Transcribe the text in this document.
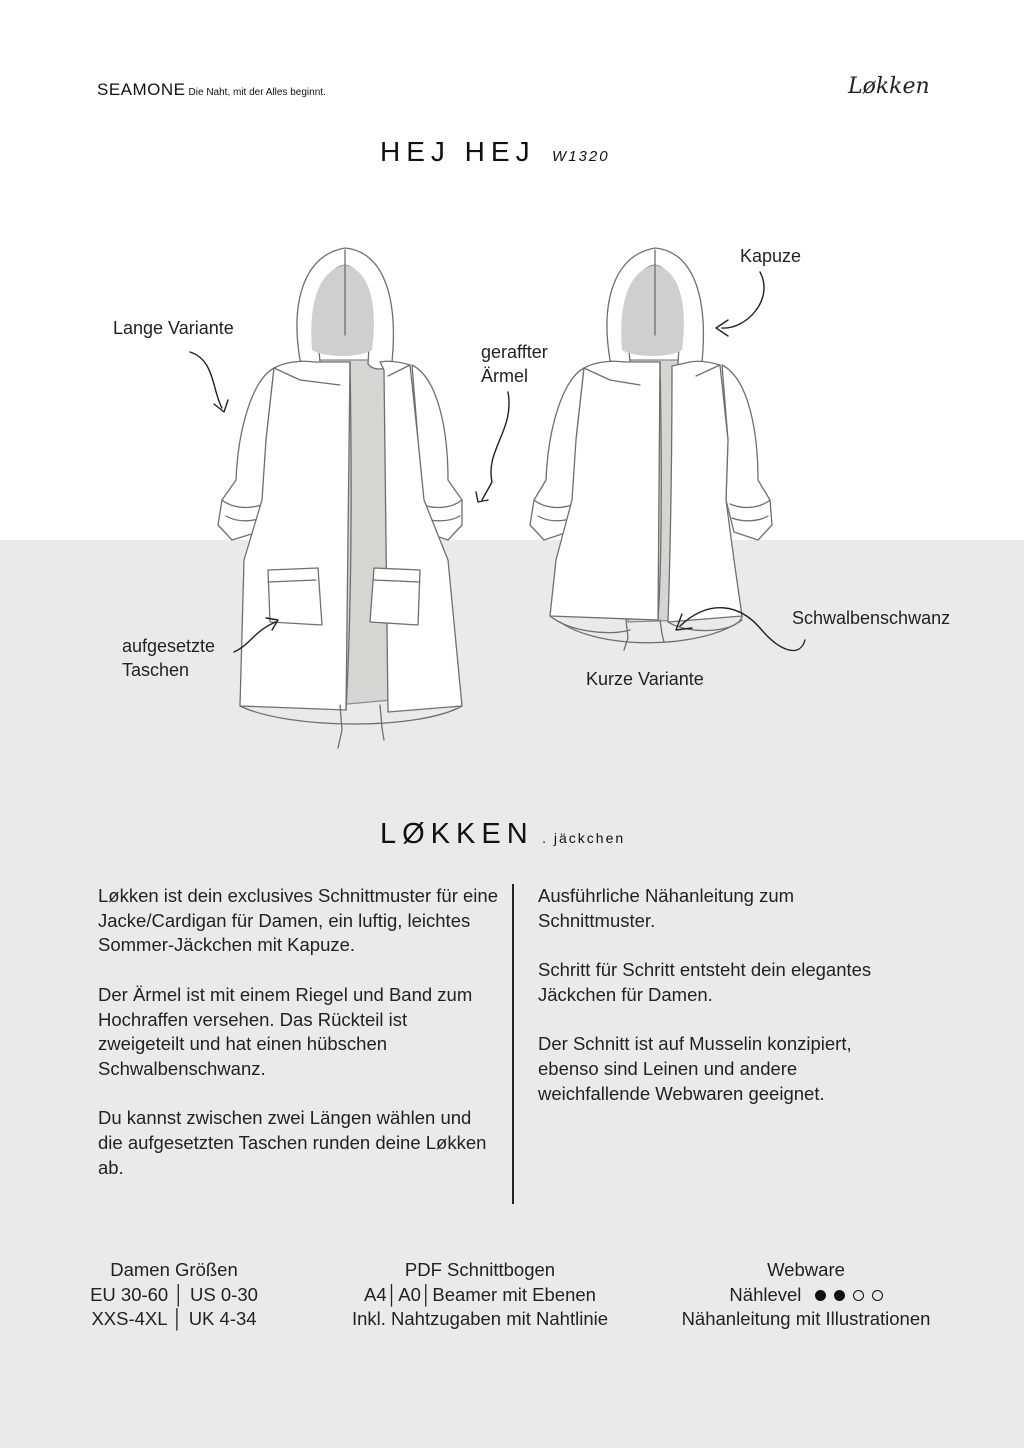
SEAMONE Die Naht, mit der Alles beginnt.	Løkken
HEJ HEJ W1320
Lange Variante
geraffter
Ärmel
Kapuze
Schwalbenschwanz
aufgesetzte
Taschen	Kurze Variante
LØKKEN . jäckchen

Løkken ist dein exclusives Schnittmuster für eine Jacke/Cardigan für Damen, ein luftig, leichtes Sommer-Jäckchen mit Kapuze.

Der Ärmel ist mit einem Riegel und Band zum Hochraffen versehen. Das Rückteil ist zweigeteilt und hat einen hübschen Schwalbenschwanz.

Du kannst zwischen zwei Längen wählen und die aufgesetzten Taschen runden deine Løkken ab.

Ausführliche Nähanleitung zum Schnittmuster.

Schritt für Schritt entsteht dein elegantes Jäckchen für Damen.

Der Schnitt ist auf Musselin konzipiert, ebenso sind Leinen und andere weichfallende Webwaren geeignet.

Damen Größen
EU 30-60 │ US 0-30
XXS-4XL │ UK 4-34
PDF Schnittbogen
A4│A0│Beamer mit Ebenen
Inkl. Nahtzugaben mit Nahtlinie
Webware
Nählevel
Nähanleitung mit Illustrationen
